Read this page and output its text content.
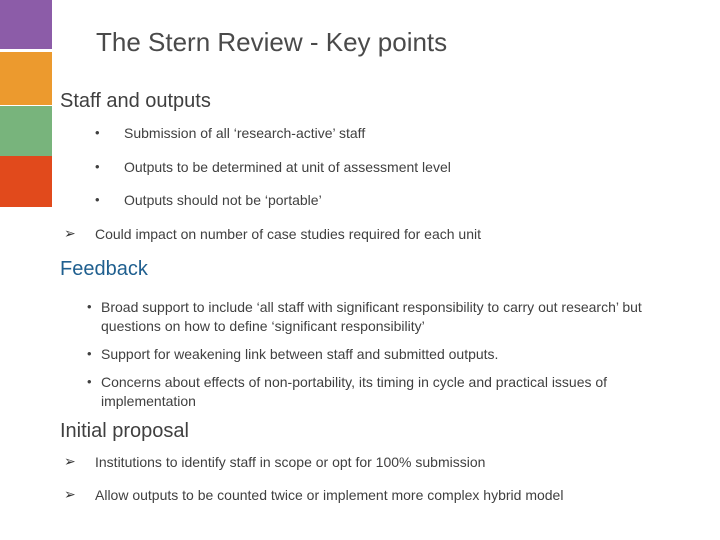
The Stern Review - Key points
Staff and outputs
• Submission of all ‘research-active’ staff
• Outputs to be determined at unit of assessment level
• Outputs should not be ‘portable’
➢ Could impact on number of case studies required for each unit
Feedback
• Broad support to include ‘all staff with significant responsibility to carry out research’ but questions on how to define ‘significant responsibility’
• Support for weakening link between staff and submitted outputs.
• Concerns about effects of non-portability, its timing in cycle and practical issues of implementation
Initial proposal
➢ Institutions to identify staff in scope or opt for 100% submission
➢ Allow outputs to be counted twice or implement more complex hybrid model
